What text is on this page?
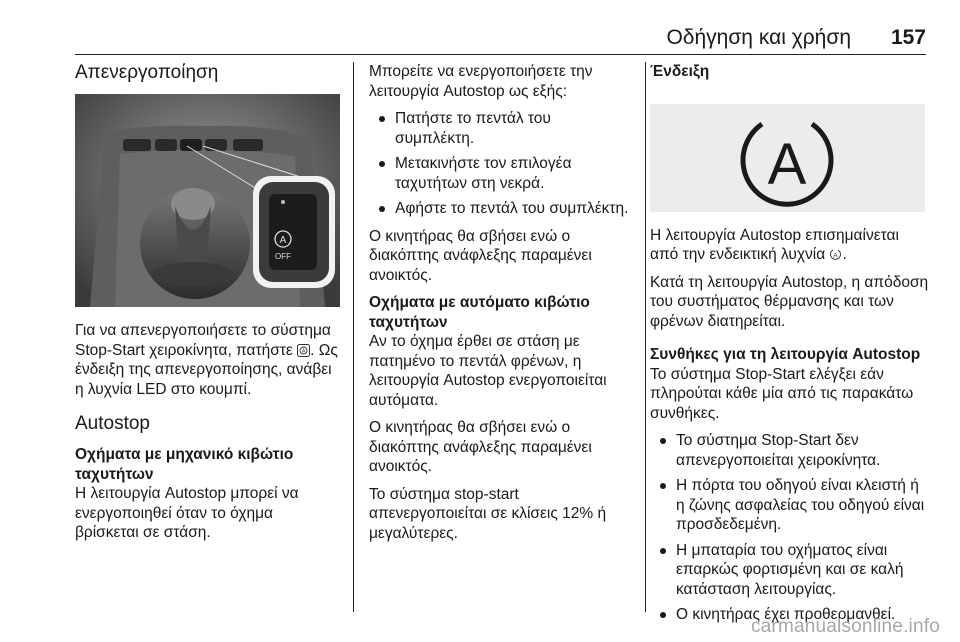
Οδήγηση και χρήση 157
Απενεργοποίηση
A
OFF

Για να απενεργοποιήσετε το σύστημα Stop-Start χειροκίνητα, πατήστε A . Ως ένδειξη της απενεργοποίησης, ανάβει η λυχνία LED στο κουμπί.

Autostop
Οχήματα με μηχανικό κιβώτιο ταχυτήτων

Η λειτουργία Autostop μπορεί να ενεργοποιηθεί όταν το όχημα βρίσκεται σε στάση.

Μπορείτε να ενεργοποιήσετε την λειτουργία Autostop ως εξής:

Πατήστε το πεντάλ του συμπλέκτη.
Μετακινήστε τον επιλογέα ταχυτήτων στη νεκρά.
Αφήστε το πεντάλ του συμπλέκτη.

Ο κινητήρας θα σβήσει ενώ ο διακόπτης ανάφλεξης παραμένει ανοικτός.

Οχήματα με αυτόματο κιβώτιο ταχυτήτων

Αν το όχημα έρθει σε στάση με πατημένο το πεντάλ φρένων, η λειτουργία Autostop ενεργοποιείται αυτόματα.

Ο κινητήρας θα σβήσει ενώ ο διακόπτης ανάφλεξης παραμένει ανοικτός.

Το σύστημα stop-start απενεργοποιείται σε κλίσεις 12% ή μεγαλύτερες.

Ένδειξη
A

Η λειτουργία Autostop επισημαίνεται από την ενδεικτική λυχνία A .

Κατά τη λειτουργία Autostop, η απόδοση του συστήματος θέρμανσης και των φρένων διατηρείται.

Συνθήκες για τη λειτουργία Autostop

Το σύστημα Stop-Start ελέγξει εάν πληρούται κάθε μία από τις παρακάτω συνθήκες.

Το σύστημα Stop-Start δεν απενεργοποιείται χειροκίνητα.
Η πόρτα του οδηγού είναι κλειστή ή η ζώνης ασφαλείας του οδηγού είναι προσδεδεμένη.
Η μπαταρία του οχήματος είναι επαρκώς φορτισμένη και σε καλή κατάσταση λειτουργίας.
Ο κινητήρας έχει προθερμανθεί.
carmanualsonline.info
